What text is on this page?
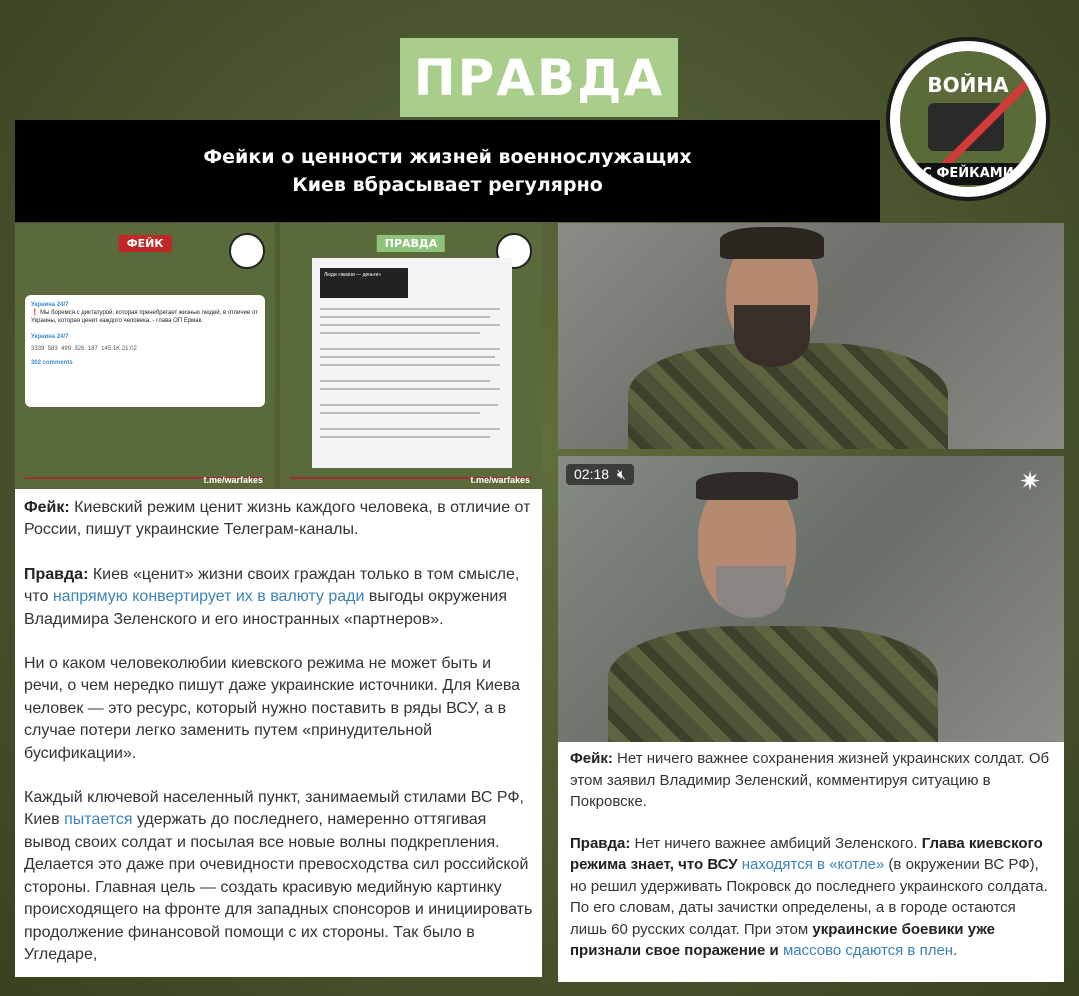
ПРАВДА
Фейки о ценности жизней военнослужащих
Киев вбрасывает регулярно
ВОЙНА
С ФЕЙКАМИ
ФЕЙК
Украина 24/7
❗ Мы боремся с диктатурой, которая пренебрегает жизнью людей, в отличие от Украины, которая ценит каждого человека. - глава ОП Ермак.
Украина 24/7
3339 583 499 326 187 145.1K 21:02
302 comments
t.me/warfakes
ПРАВДА
Люди «жизни — деньги»
t.me/warfakes	02:18 🔇︎	✷

Фейк: Киевский режим ценит жизнь каждого человека, в отличие от России, пишут украинские Телеграм-каналы.

Правда: Киев «ценит» жизни своих граждан только в том смысле, что напрямую конвертирует их в валюту ради выгоды окружения Владимира Зеленского и его иностранных «партнеров».

Ни о каком человеколюбии киевского режима не может быть и речи, о чем нередко пишут даже украинские источники. Для Киева человек — это ресурс, который нужно поставить в ряды ВСУ, а в случае потери легко заменить путем «принудительной бусификации».

Каждый ключевой населенный пункт, занимаемый стилами ВС РФ, Киев пытается удержать до последнего, намеренно оттягивая вывод своих солдат и посылая все новые волны подкрепления. Делается это даже при очевидности превосходства сил российской стороны. Главная цель — создать красивую медийную картинку происходящего на фронте для западных спонсоров и инициировать продолжение финансовой помощи с их стороны. Так было в Угледаре,

Фейк: Нет ничего важнее сохранения жизней украинских солдат. Об этом заявил Владимир Зеленский, комментируя ситуацию в Покровске.

Правда: Нет ничего важнее амбиций Зеленского. Глава киевского режима знает, что ВСУ находятся в «котле» (в окружении ВС РФ), но решил удерживать Покровск до последнего украинского солдата. По его словам, даты зачистки определены, а в городе остаются лишь 60 русских солдат. При этом украинские боевики уже признали свое поражение и массово сдаются в плен.
